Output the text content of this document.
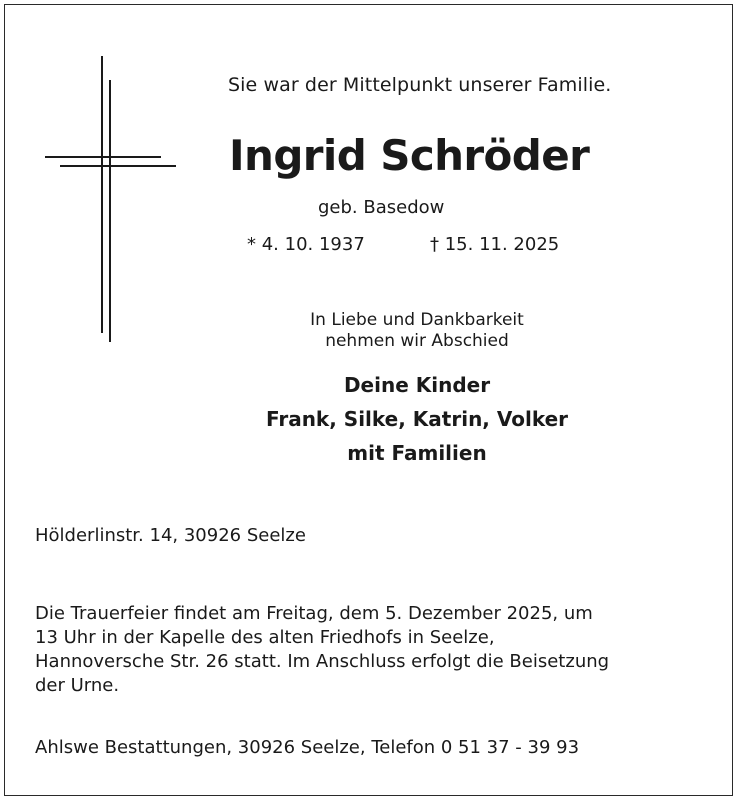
Sie war der Mittelpunkt unserer Familie.
Ingrid Schröder
geb. Basedow
* 4. 10. 1937	† 15. 11. 2025
In Liebe und Dankbarkeit
nehmen wir Abschied
Deine Kinder
Frank, Silke, Katrin, Volker
mit Familien
Hölderlinstr. 14, 30926 Seelze
Die Trauerfeier findet am Freitag, dem 5. Dezember 2025, um
13 Uhr in der Kapelle des alten Friedhofs in Seelze,
Hannoversche Str. 26 statt. Im Anschluss erfolgt die Beisetzung
der Urne.
Ahlswe Bestattungen, 30926 Seelze, Telefon 0 51 37 - 39 93
